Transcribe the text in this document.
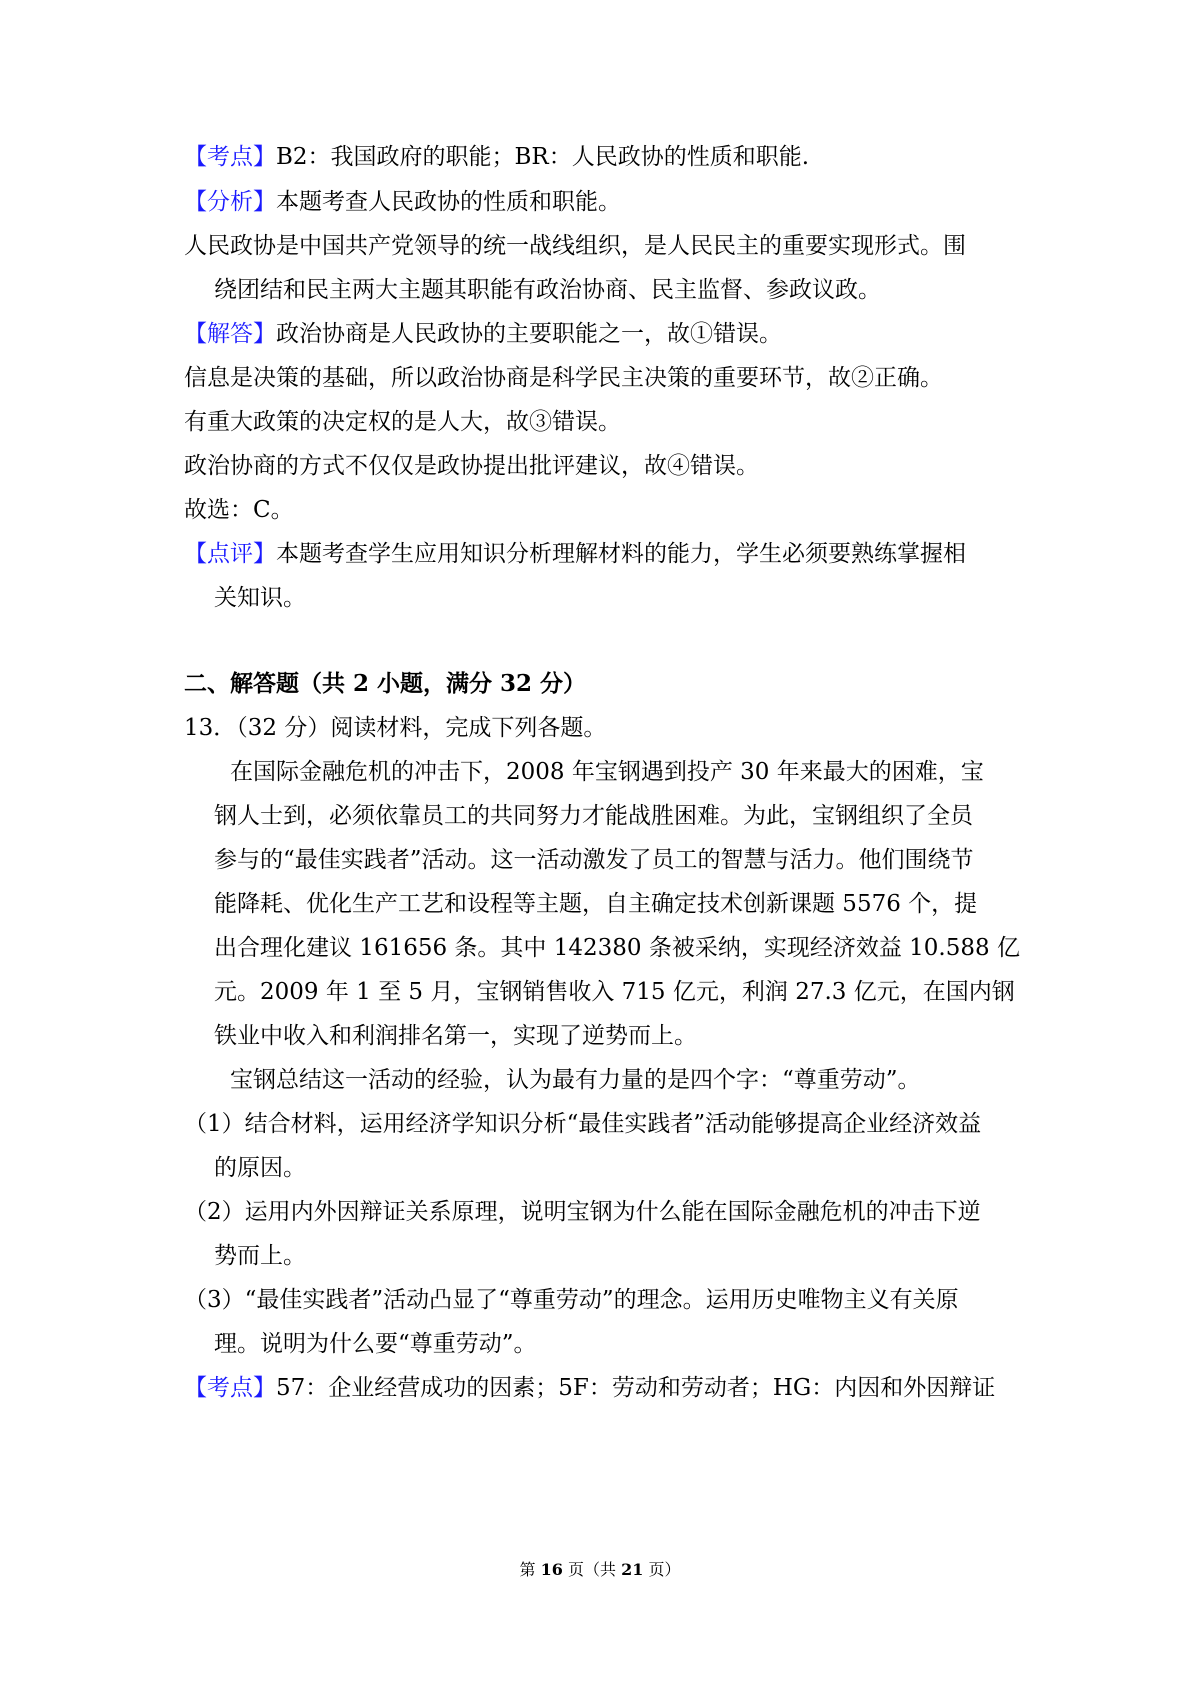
【考点】B2：我国政府的职能；BR：人民政协的性质和职能.
【分析】本题考查人民政协的性质和职能。
人民政协是中国共产党领导的统一战线组织，是人民民主的重要实现形式。围
绕团结和民主两大主题其职能有政治协商、民主监督、参政议政。
【解答】政治协商是人民政协的主要职能之一，故①错误。
信息是决策的基础，所以政治协商是科学民主决策的重要环节，故②正确。
有重大政策的决定权的是人大，故③错误。
政治协商的方式不仅仅是政协提出批评建议，故④错误。
故选：C。
【点评】本题考查学生应用知识分析理解材料的能力，学生必须要熟练掌握相
关知识。
二、解答题（共 2 小题，满分 32 分）
13．（32 分）阅读材料，完成下列各题。
在国际金融危机的冲击下，2008 年宝钢遇到投产 30 年来最大的困难，宝
钢人士到，必须依靠员工的共同努力才能战胜困难。为此，宝钢组织了全员
参与的“最佳实践者”活动。这一活动激发了员工的智慧与活力。他们围绕节
能降耗、优化生产工艺和设程等主题，自主确定技术创新课题 5576 个，提
出合理化建议 161656 条。其中 142380 条被采纳，实现经济效益 10.588 亿
元。2009 年 1 至 5 月，宝钢销售收入 715 亿元，利润 27.3 亿元，在国内钢
铁业中收入和利润排名第一，实现了逆势而上。
宝钢总结这一活动的经验，认为最有力量的是四个字：“尊重劳动”。
（1）结合材料，运用经济学知识分析“最佳实践者”活动能够提高企业经济效益
的原因。
（2）运用内外因辩证关系原理，说明宝钢为什么能在国际金融危机的冲击下逆
势而上。
（3）“最佳实践者”活动凸显了“尊重劳动”的理念。运用历史唯物主义有关原
理。说明为什么要“尊重劳动”。
【考点】57：企业经营成功的因素；5F：劳动和劳动者；HG：内因和外因辩证
第 16 页（共 21 页）
